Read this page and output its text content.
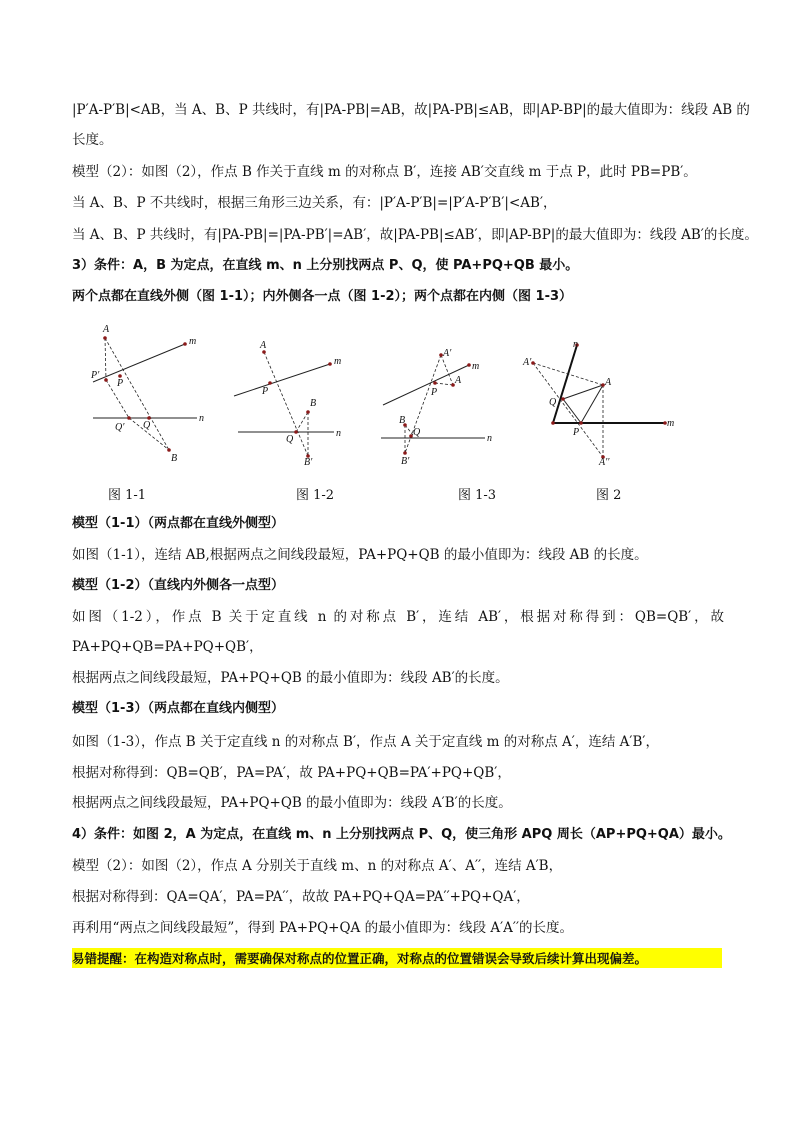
|P′A-P′B|<AB，当 A、B、P 共线时，有|PA-PB|=AB，故|PA-PB|≤AB，即|AP-BP|的最大值即为：线段 AB 的
长度。
模型（2）：如图（2），作点 B 作关于直线 m 的对称点 B′，连接 AB′交直线 m 于点 P，此时 PB=PB′。
当 A、B、P 不共线时，根据三角形三边关系，有：|P′A-P′B|=|P′A-P′B′|<AB′，
当 A、B、P 共线时，有|PA-PB|=|PA-PB′|=AB′，故|PA-PB|≤AB′，即|AP-BP|的最大值即为：线段 AB′的长度。
3）条件：A，B 为定点，在直线 m、n 上分别找两点 P、Q，使 PA+PQ+QB 最小。
两个点都在直线外侧（图 1-1）；内外侧各一点（图 1-2）；两个点都在内侧（图 1-3）
A
P′
P
m
n
Q′ Q
B
A
m
P
B
Q
n
B′
A′
m
A
P
B
Q
n
B′
A′
n
A
Q
P
m
A′′
图 1-1	图 1-2	图 1-3	图 2
模型（1-1）（两点都在直线外侧型）
如图（1-1），连结 AB,根据两点之间线段最短，PA+PQ+QB 的最小值即为：线段 AB 的长度。
模型（1-2）（直线内外侧各一点型）
如图（1-2），作点 B 关于定直线 n 的对称点 B′，连结 AB′，根据对称得到：QB=QB′，故
PA+PQ+QB=PA+PQ+QB′，
根据两点之间线段最短，PA+PQ+QB 的最小值即为：线段 AB′的长度。
模型（1-3）（两点都在直线内侧型）
如图（1-3），作点 B 关于定直线 n 的对称点 B′，作点 A 关于定直线 m 的对称点 A′，连结 A′B′，
根据对称得到：QB=QB′，PA=PA′，故 PA+PQ+QB=PA′+PQ+QB′，
根据两点之间线段最短，PA+PQ+QB 的最小值即为：线段 A′B′的长度。
4）条件：如图 2，A 为定点，在直线 m、n 上分别找两点 P、Q，使三角形 APQ 周长（AP+PQ+QA）最小。
模型（2）：如图（2），作点 A 分别关于直线 m、n 的对称点 A′、A′′，连结 A′B，
根据对称得到：QA=QA′，PA=PA′′，故故 PA+PQ+QA=PA′′+PQ+QA′，
再利用“两点之间线段最短”，得到 PA+PQ+QA 的最小值即为：线段 A′A′′的长度。
易错提醒：在构造对称点时，需要确保对称点的位置正确，对称点的位置错误会导致后续计算出现偏差。
